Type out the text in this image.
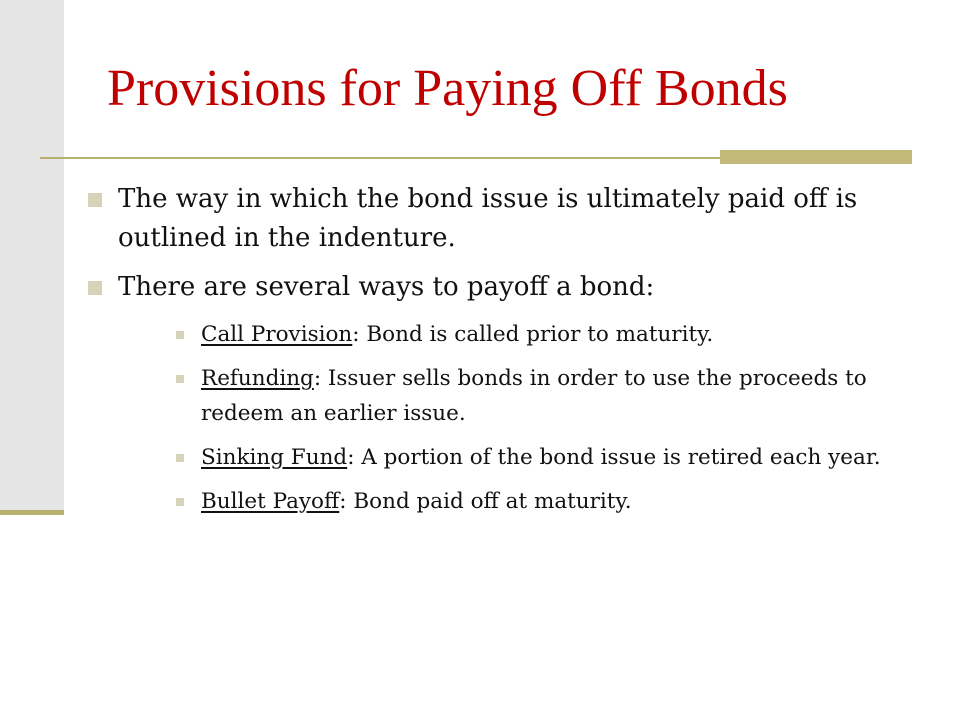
Provisions for Paying Off Bonds
The way in which the bond issue is ultimately paid off is outlined in the indenture.
There are several ways to payoff a bond:
Call Provision: Bond is called prior to maturity.
Refunding: Issuer sells bonds in order to use the proceeds to redeem an earlier issue.
Sinking Fund: A portion of the bond issue is retired each year.
Bullet Payoff: Bond paid off at maturity.
